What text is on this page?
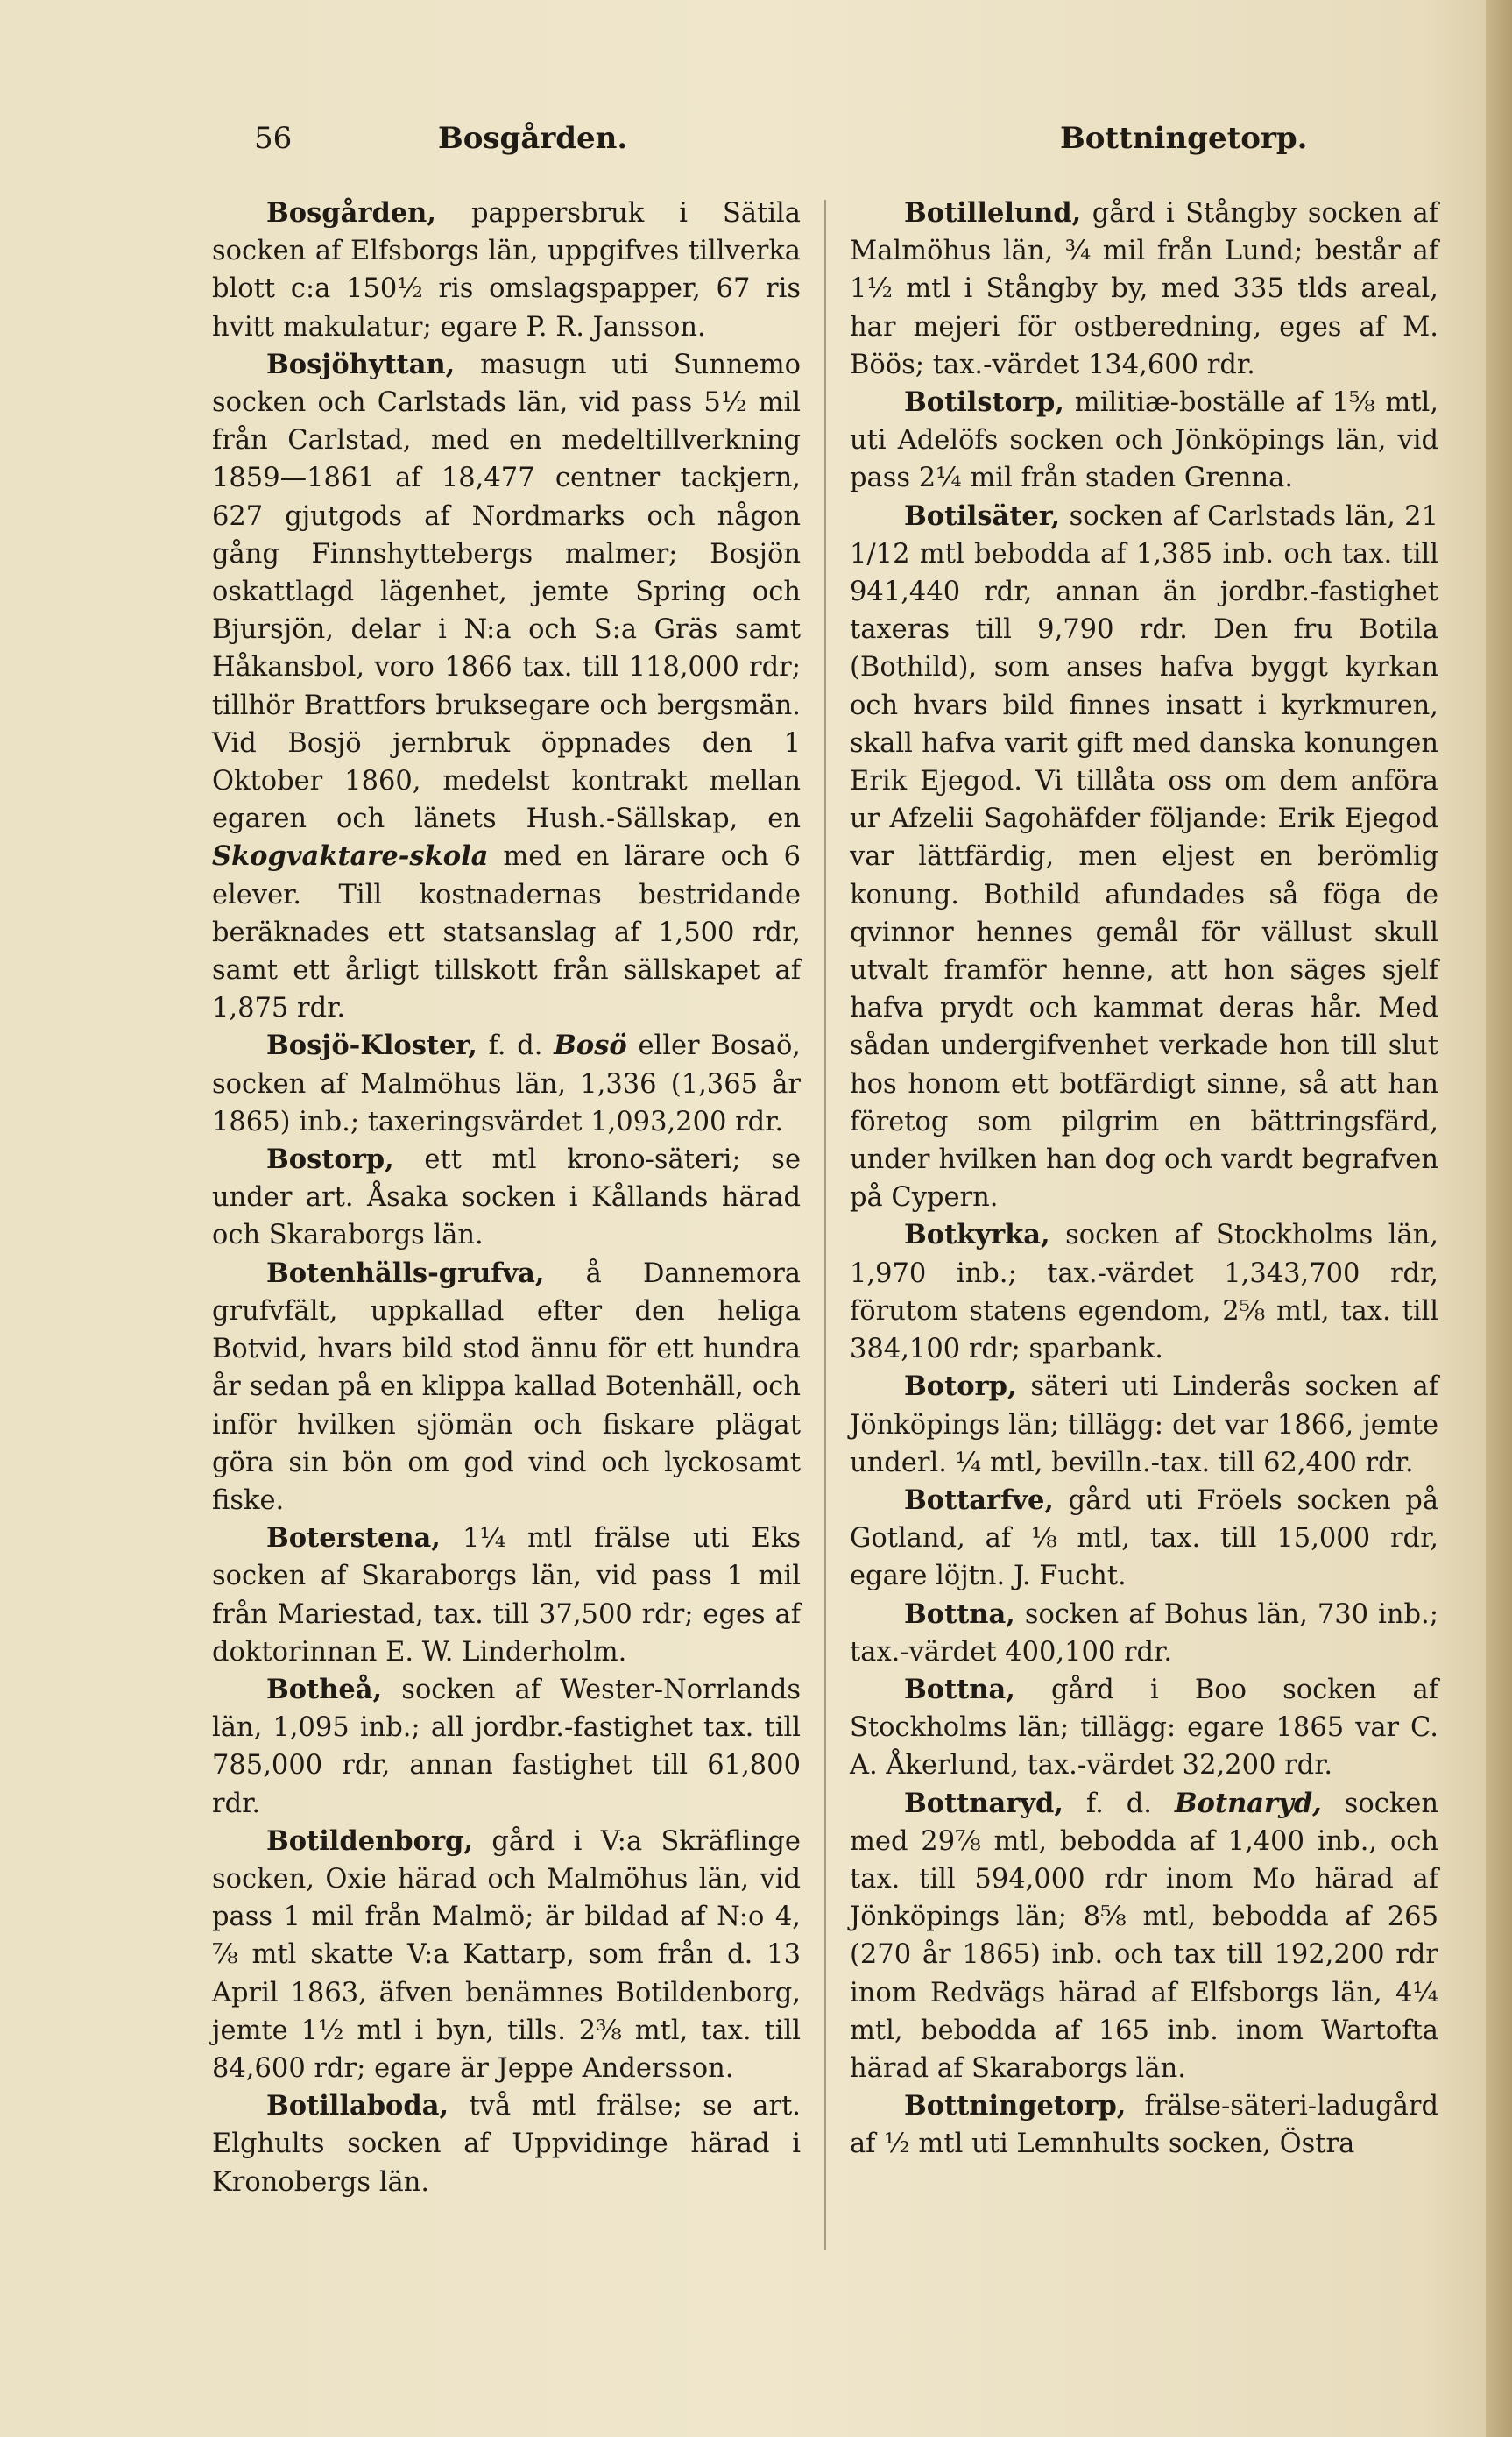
56	Bosgården.	Bottningetorp.

Bosgården, pappersbruk i Sätila socken af Elfsborgs län, uppgifves tillverka blott c:a 150½ ris omslagspapper, 67 ris hvitt makulatur; egare P. R. Jansson.

Bosjöhyttan, masugn uti Sunnemo socken och Carlstads län, vid pass 5½ mil från Carlstad, med en medeltillverkning 1859—1861 af 18,477 centner tackjern, 627 gjutgods af Nordmarks och någon gång Finnshyttebergs malmer; Bosjön oskattlagd lägenhet, jemte Spring och Bjursjön, delar i N:a och S:a Gräs samt Håkansbol, voro 1866 tax. till 118,000 rdr; tillhör Brattfors bruksegare och bergsmän. Vid Bosjö jernbruk öppnades den 1 Oktober 1860, medelst kontrakt mellan egaren och länets Hush.-Sällskap, en Skogvaktare-skola med en lärare och 6 elever. Till kostnadernas bestridande beräknades ett statsanslag af 1,500 rdr, samt ett årligt tillskott från sällskapet af 1,875 rdr.

Bosjö-Kloster, f. d. Bosö eller Bosaö, socken af Malmöhus län, 1,336 (1,365 år 1865) inb.; taxeringsvärdet 1,093,200 rdr.

Bostorp, ett mtl krono-säteri; se under art. Åsaka socken i Kållands härad och Skaraborgs län.

Botenhälls-grufva, å Dannemora grufvfält, uppkallad efter den heliga Botvid, hvars bild stod ännu för ett hundra år sedan på en klippa kallad Botenhäll, och inför hvilken sjömän och fiskare plägat göra sin bön om god vind och lyckosamt fiske.

Boterstena, 1¼ mtl frälse uti Eks socken af Skaraborgs län, vid pass 1 mil från Mariestad, tax. till 37,500 rdr; eges af doktorinnan E. W. Linderholm.

Botheå, socken af Wester-Norrlands län, 1,095 inb.; all jordbr.-fastighet tax. till 785,000 rdr, annan fastighet till 61,800 rdr.

Botildenborg, gård i V:a Skräflinge socken, Oxie härad och Malmöhus län, vid pass 1 mil från Malmö; är bildad af N:o 4, ⅞ mtl skatte V:a Kattarp, som från d. 13 April 1863, äfven benämnes Botildenborg, jemte 1½ mtl i byn, tills. 2⅜ mtl, tax. till 84,600 rdr; egare är Jeppe Andersson.

Botillaboda, två mtl frälse; se art. Elghults socken af Uppvidinge härad i Kronobergs län.

Botillelund, gård i Stångby socken af Malmöhus län, ¾ mil från Lund; består af 1½ mtl i Stångby by, med 335 tlds areal, har mejeri för ostberedning, eges af M. Böös; tax.-värdet 134,600 rdr.

Botilstorp, militiæ-boställe af 1⅝ mtl, uti Adelöfs socken och Jönköpings län, vid pass 2¼ mil från staden Grenna.

Botilsäter, socken af Carlstads län, 21 1/12 mtl bebodda af 1,385 inb. och tax. till 941,440 rdr, annan än jordbr.-fastighet taxeras till 9,790 rdr. Den fru Botila (Bothild), som anses hafva byggt kyrkan och hvars bild finnes insatt i kyrkmuren, skall hafva varit gift med danska konungen Erik Ejegod. Vi tillåta oss om dem anföra ur Afzelii Sagohäfder följande: Erik Ejegod var lättfärdig, men eljest en berömlig konung. Bothild afundades så föga de qvinnor hennes gemål för vällust skull utvalt framför henne, att hon säges sjelf hafva prydt och kammat deras hår. Med sådan undergifvenhet verkade hon till slut hos honom ett botfärdigt sinne, så att han företog som pilgrim en bättringsfärd, under hvilken han dog och vardt begrafven på Cypern.

Botkyrka, socken af Stockholms län, 1,970 inb.; tax.-värdet 1,343,700 rdr, förutom statens egendom, 2⅝ mtl, tax. till 384,100 rdr; sparbank.

Botorp, säteri uti Linderås socken af Jönköpings län; tillägg: det var 1866, jemte underl. ¼ mtl, bevilln.-tax. till 62,400 rdr.

Bottarfve, gård uti Fröels socken på Gotland, af ⅛ mtl, tax. till 15,000 rdr, egare löjtn. J. Fucht.

Bottna, socken af Bohus län, 730 inb.; tax.-värdet 400,100 rdr.

Bottna, gård i Boo socken af Stockholms län; tillägg: egare 1865 var C. A. Åkerlund, tax.-värdet 32,200 rdr.

Bottnaryd, f. d. Botnaryd, socken med 29⅞ mtl, bebodda af 1,400 inb., och tax. till 594,000 rdr inom Mo härad af Jönköpings län; 8⅝ mtl, bebodda af 265 (270 år 1865) inb. och tax till 192,200 rdr inom Redvägs härad af Elfsborgs län, 4¼ mtl, bebodda af 165 inb. inom Wartofta härad af Skaraborgs län.

Bottningetorp, frälse-säteri-ladugård af ½ mtl uti Lemnhults socken, Östra
